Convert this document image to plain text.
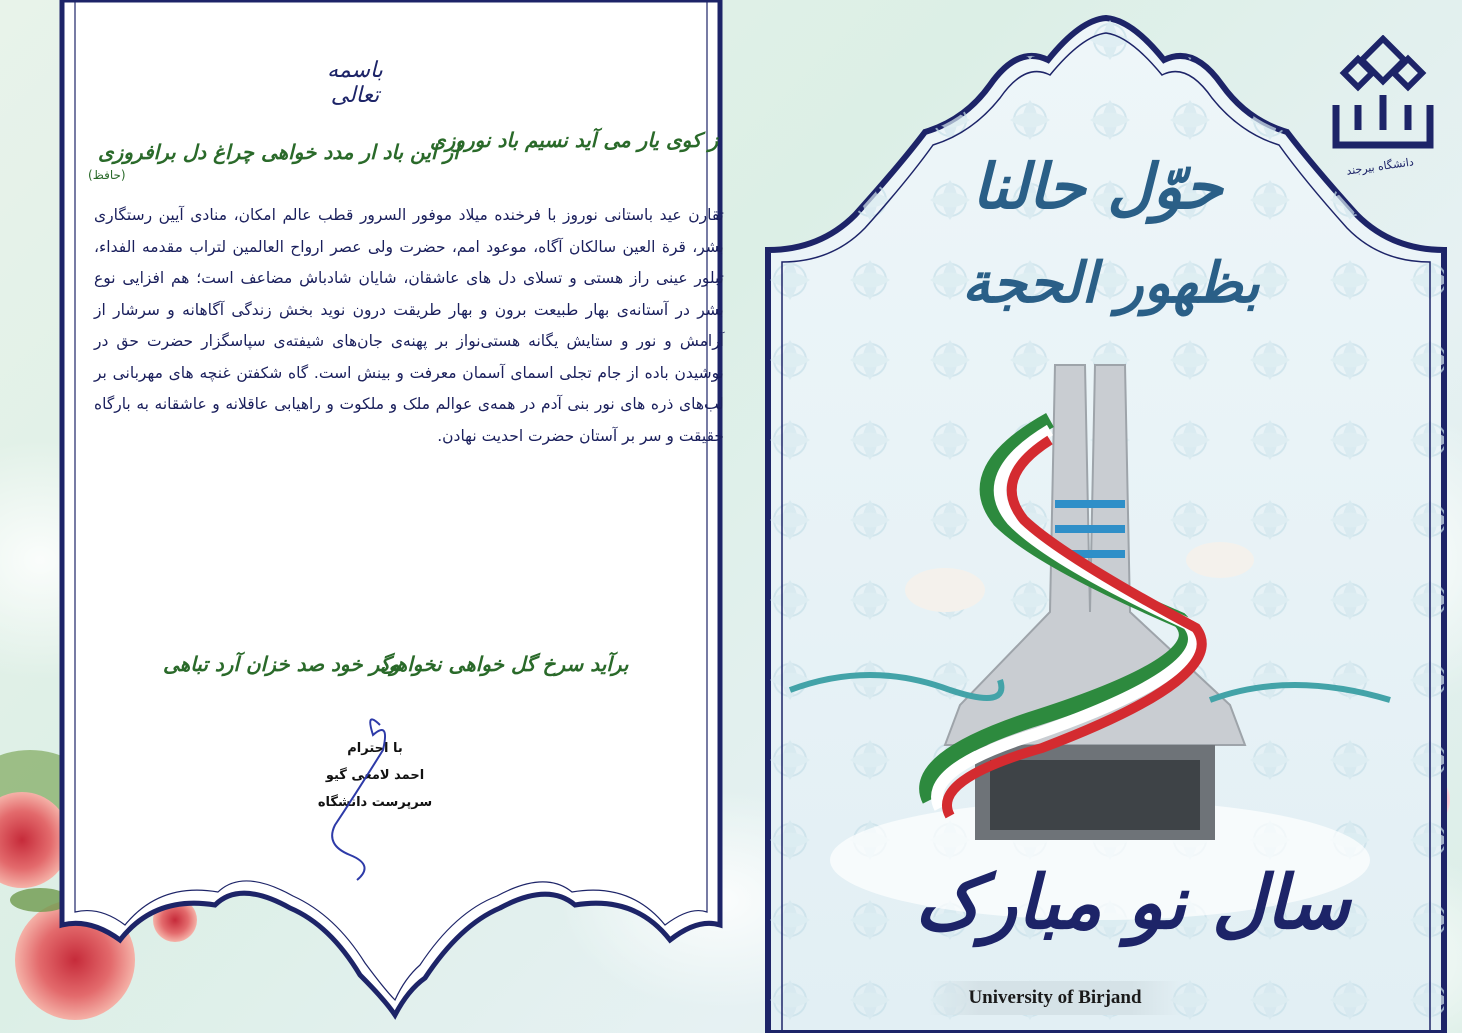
باسمه تعالی
ز کوی یار می آید نسیم باد نوروزی
از این باد ار مدد خواهی چراغ دل برافروزی
(حافظ)
تقارن عید باستانی نوروز با فرخنده میلاد موفور السرور قطب عالم امکان، منادی آیین رستگاری بشر، قرة العین سالکان آگاه، موعود امم، حضرت ولی عصر ارواح العالمین لتراب مقدمه الفداء، تبلور عینی راز هستی و تسلای دل های عاشقان، شایان شادباش مضاعف است؛ هم افزایی نوع بشر در آستانه‌ی بهار طبیعت برون و بهار طریقت درون نوید بخش زندگی آگاهانه و سرشار از آرامش و نور و ستایش یگانه هستی‌نواز بر پهنه‌ی جان‌های شیفته‌ی سپاسگزار حضرت حق در نوشیدن باده از جام تجلی اسمای آسمان معرفت و بینش است. گاه شکفتن غنچه های مهربانی بر لب‌های ذره های نور بنی آدم در همه‌ی عوالم ملک و ملکوت و راهیابی عاقلانه و عاشقانه به بارگاه حقیقت و سر بر آستان حضرت احدیت نهادن.
برآید سرخ گل خواهی نخواهی
وگر خود صد خزان آرد تباهی
با احترام
احمد لامعی گیو
سرپرست دانشگاه
دانشگاه بیرجند
حوّل حالنا
بظهور الحجة
سال نو مبارک
University of Birjand
